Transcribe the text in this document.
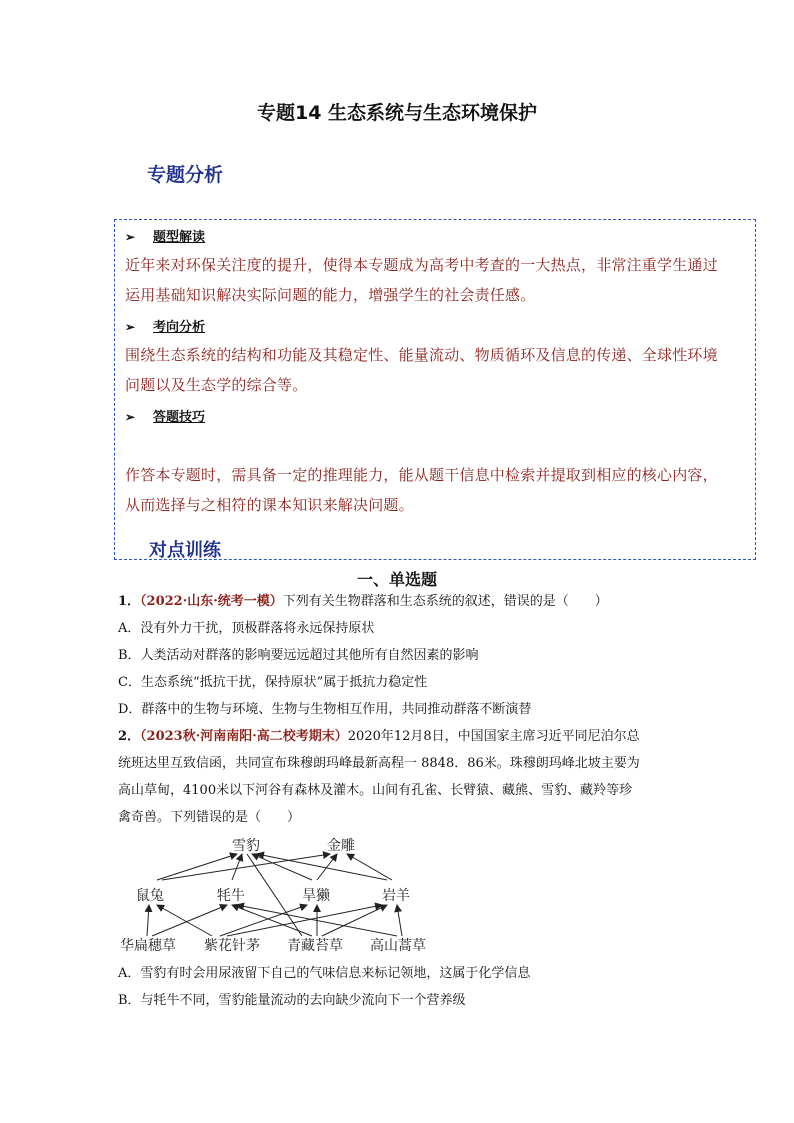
专题14 生态系统与生态环境保护
专题分析
➢ 题型解读
近年来对环保关注度的提升，使得本专题成为高考中考查的一大热点，非常注重学生通过
运用基础知识解决实际问题的能力，增强学生的社会责任感。
➢ 考向分析
围绕生态系统的结构和功能及其稳定性、能量流动、物质循环及信息的传递、全球性环境
问题以及生态学的综合等。
➢ 答题技巧
作答本专题时，需具备一定的推理能力，能从题干信息中检索并提取到相应的核心内容，
从而选择与之相符的课本知识来解决问题。
对点训练
一、单选题
1．（2022·山东·统考一模）下列有关生物群落和生态系统的叙述，错误的是（　　）
A．没有外力干扰，顶极群落将永远保持原状
B．人类活动对群落的影响要远远超过其他所有自然因素的影响
C．生态系统“抵抗干扰，保持原状”属于抵抗力稳定性
D．群落中的生物与环境、生物与生物相互作用，共同推动群落不断演替
2．（2023秋·河南南阳·高二校考期末）2020年12月8日，中国国家主席习近平同尼泊尔总
统班达里互致信函，共同宣布珠穆朗玛峰最新高程一 8848．86米。珠穆朗玛峰北坡主要为
高山草甸，4100米以下河谷有森林及灌木。山间有孔雀、长臂猿、藏熊、雪豹、藏羚等珍
禽奇兽。下列错误的是（　　）
雪豹	金雕
鼠兔	牦牛	旱獭	岩羊
华扁穗草 紫花针茅 青藏苔草 高山蒿草
A．雪豹有时会用尿液留下自己的气味信息来标记领地，这属于化学信息
B．与牦牛不同，雪豹能量流动的去向缺少流向下一个营养级
